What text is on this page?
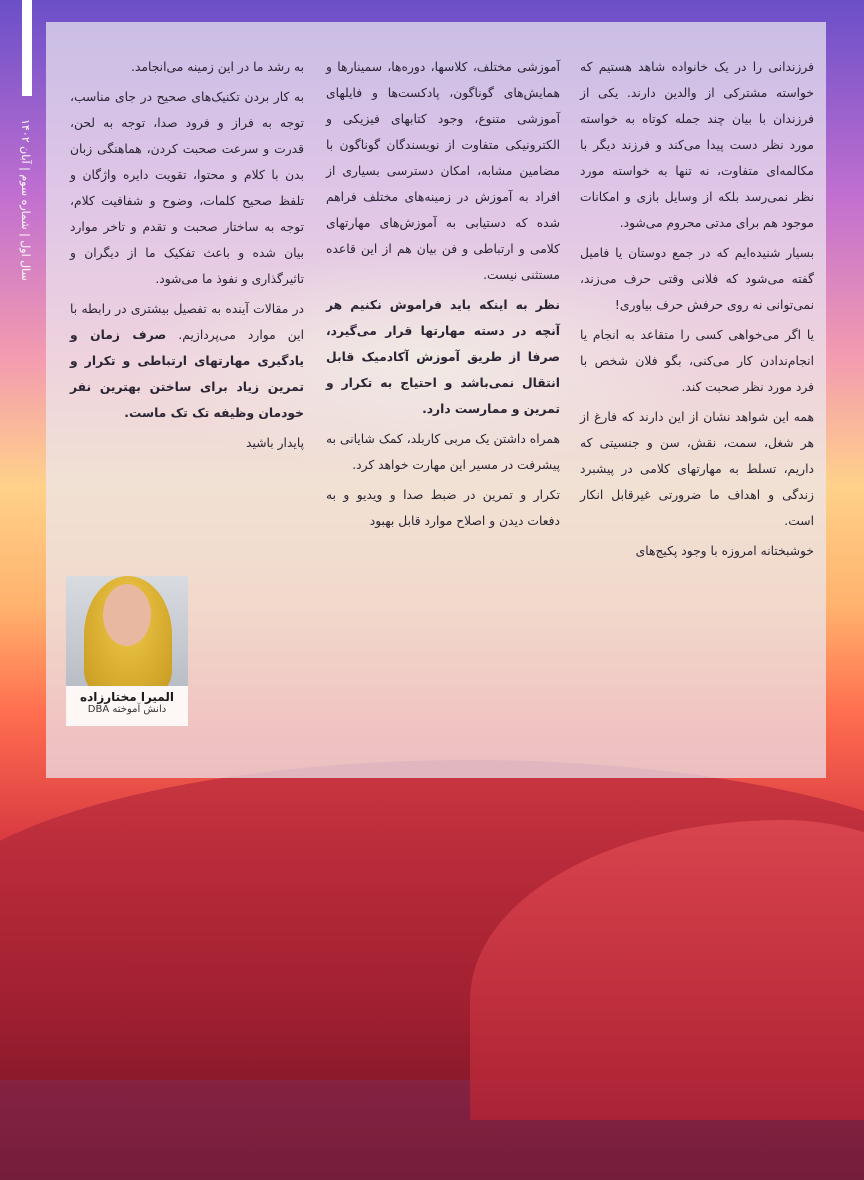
سال اول | شماره سوم | آبان ۱۴۰۲

فرزندانی را در یک خانواده شاهد هستیم که خواسته مشترکی از والدین دارند. یکی از فرزندان با بیان چند جمله کوتاه به خواسته مورد نظر دست پیدا می‌کند و فرزند دیگر با مکالمه‌ای متفاوت، نه تنها به خواسته مورد نظر نمی‌رسد بلکه از وسایل بازی و امکانات موجود هم برای مدتی محروم می‌شود.

بسیار شنیده‌ایم که در جمع دوستان یا فامیل گفته می‌شود که فلانی وقتی حرف می‌زند، نمی‌توانی نه روی حرفش حرف بیاوری!

یا اگر می‌خواهی کسی را متقاعد به انجام یا انجام‌ندادن کار می‌کنی، بگو فلان شخص با فرد مورد نظر صحبت کند.

همه این شواهد نشان از این دارند که فارغ از هر شغل، سمت، نقش، سن و جنسیتی که داریم، تسلط به مهارتهای کلامی در پیشبرد زندگی و اهداف ما ضرورتی غیرقابل انکار است.

خوشبختانه امروزه با وجود پکیج‌های

آموزشی مختلف، کلاسها، دوره‌ها، سمینارها و همایش‌های گوناگون، پادکست‌ها و فایلهای آموزشی متنوع، وجود کتابهای فیزیکی و الکترونیکی متفاوت از نویسندگان گوناگون با مضامین مشابه، امکان دسترسی بسیاری از افراد به آموزش در زمینه‌های مختلف فراهم شده که دستیابی به آموزش‌های مهارتهای کلامی و ارتباطی و فن بیان هم از این قاعده مستثنی نیست.

نظر به اینکه باید فراموش نکنیم هر آنچه در دسته مهارتها قرار می‌گیرد، صرفا از طریق آموزش آکادمیک قابل انتقال نمی‌باشد و احتیاج به تکرار و تمرین و ممارست دارد.

همراه داشتن یک مربی کاربلد، کمک شایانی به پیشرفت در مسیر این مهارت خواهد کرد.

تکرار و تمرین در ضبط صدا و ویدیو و به دفعات دیدن و اصلاح موارد قابل بهبود

به رشد ما در این زمینه می‌انجامد.

به کار بردن تکنیک‌های صحیح در جای مناسب، توجه به فراز و فرود صدا، توجه به لحن، قدرت و سرعت صحبت کردن، هماهنگی زبان بدن با کلام و محتوا، تقویت دایره واژگان و تلفظ صحیح کلمات، وضوح و شفافیت کلام، توجه به ساختار صحبت و تقدم و تاخر موارد بیان شده و باعث تفکیک ما از دیگران و تاثیرگذاری و نفوذ ما می‌شود.

در مقالات آینده به تفصیل بیشتری در رابطه با این موارد می‌پردازیم. صرف زمان و یادگیری مهارتهای ارتباطی و تکرار و تمرین زیاد برای ساختن بهترین نفر خودمان وظیفه تک تک ماست.

پایدار باشید

المیرا مختارزاده
دانش آموخته DBA
